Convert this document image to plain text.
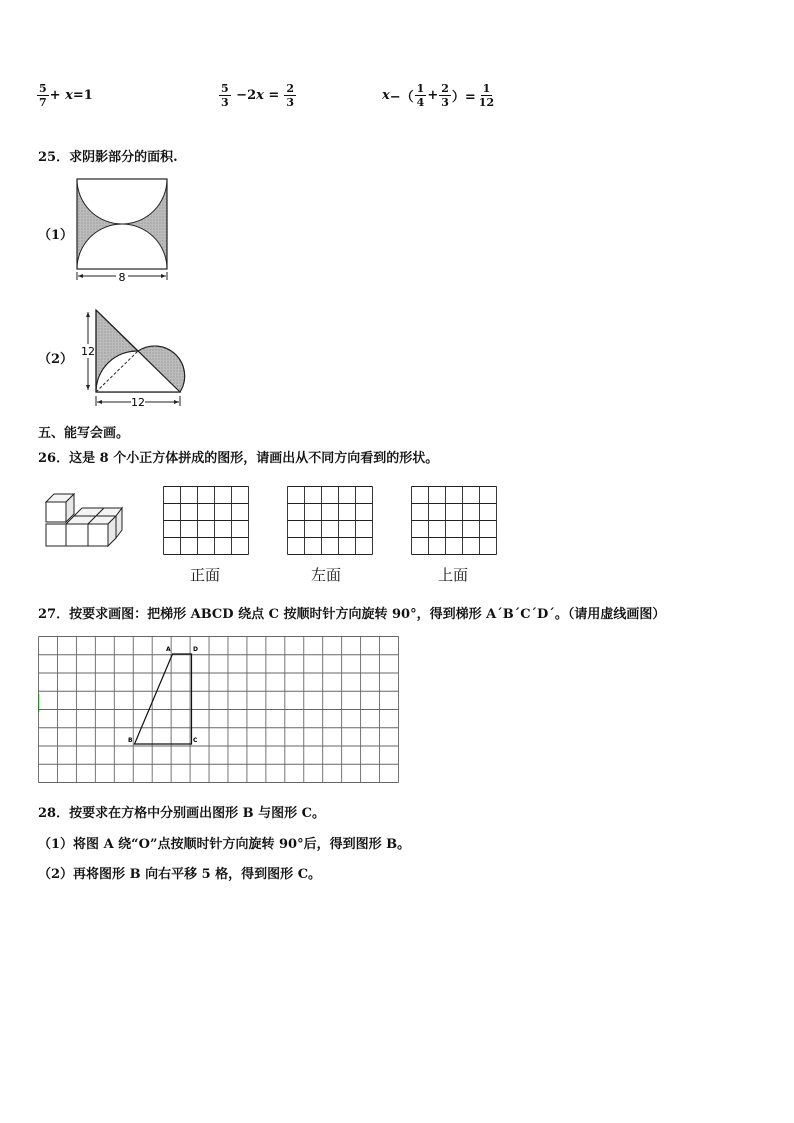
$\frac{5}{7} + x =1$	$\frac{5}{3} -2$ $x = \frac{2}{3}$	x −（ $\frac{1}{4} + \frac{2}{3}$ ）= $\frac{1}{12}$
25．求阴影部分的面积.
（1）
8
（2）
12
12
五、能写会画。
26．这是 8 个小正方体拼成的图形，请画出从不同方向看到的形状。
正面	左面	上面
27．按要求画图：把梯形 ABCD 绕点 C 按顺时针方向旋转 90°，得到梯形 A´B´C´D´。（请用虚线画图）
B
A	D
C
28．按要求在方格中分别画出图形 B 与图形 C。
（1）将图 A 绕“O”点按顺时针方向旋转 90°后，得到图形 B。
（2）再将图形 B 向右平移 5 格，得到图形 C。
